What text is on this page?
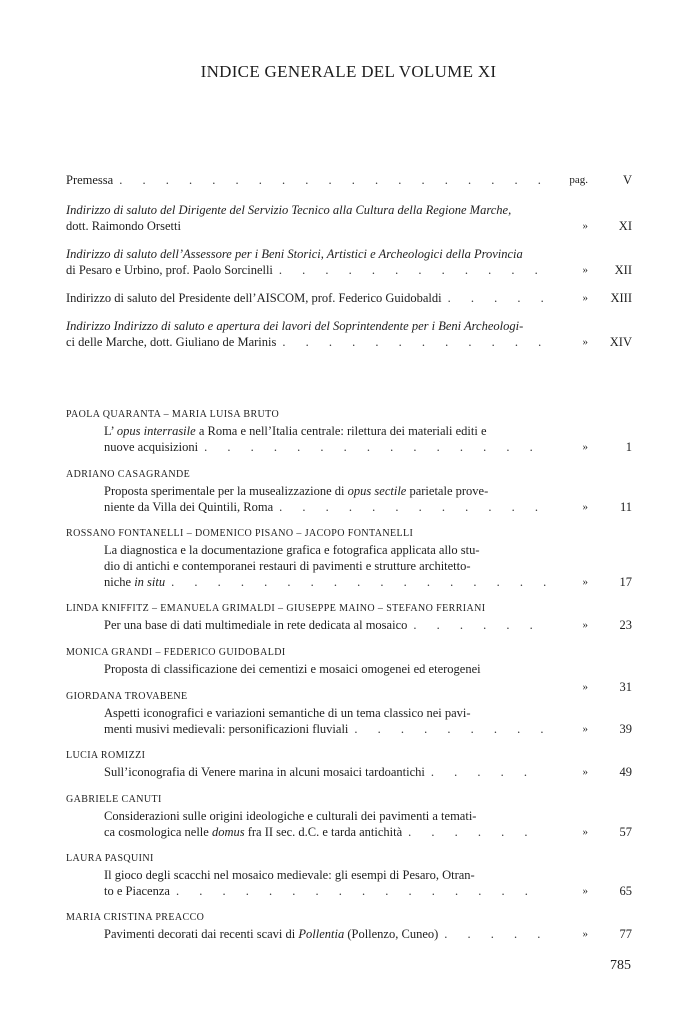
INDICE GENERALE DEL VOLUME XI
Premessa . . .	pag.	V
Indirizzo di saluto del Dirigente del Servizio Tecnico alla Cultura della Regione Marche,
dott. Raimondo Orsetti	» XI
Indirizzo di saluto dell’Assessore per i Beni Storici, Artistici e Archeologici della Provincia
di Pesaro e Urbino, prof. Paolo Sorcinelli . . .	» XII
Indirizzo di saluto del Presidente dell’AISCOM, prof. Federico Guidobaldi . . .	» XIII
Indirizzo Indirizzo di saluto e apertura dei lavori del Soprintendente per i Beni Archeologi-
ci delle Marche, dott. Giuliano de Marinis . . .	» XIV
PAOLA QUARANTA – MARIA LUISA BRUTO
L’ opus interrasile a Roma e nell’Italia centrale: rilettura dei materiali editi e
nuove acquisizioni . . .	»	1
ADRIANO CASAGRANDE
Proposta sperimentale per la musealizzazione di opus sectile parietale prove-
niente da Villa dei Quintili, Roma . . .	»	11
ROSSANO FONTANELLI – DOMENICO PISANO – JACOPO FONTANELLI
La diagnostica e la documentazione grafica e fotografica applicata allo stu-
dio di antichi e contemporanei restauri di pavimenti e strutture architetto-
niche in situ . . .	»	17
LINDA KNIFFITZ – EMANUELA GRIMALDI – GIUSEPPE MAINO – STEFANO FERRIANI
Per una base di dati multimediale in rete dedicata al mosaico . . .	»	23
MONICA GRANDI – FEDERICO GUIDOBALDI
Proposta di classificazione dei cementizi e mosaici omogenei ed eterogenei
»	31
GIORDANA TROVABENE
Aspetti iconografici e variazioni semantiche di un tema classico nei pavi-
menti musivi medievali: personificazioni fluviali . . .	»	39
LUCIA ROMIZZI
Sull’iconografia di Venere marina in alcuni mosaici tardoantichi . . .	»	49
GABRIELE CANUTI
Considerazioni sulle origini ideologiche e culturali dei pavimenti a temati-
ca cosmologica nelle domus fra II sec. d.C. e tarda antichità . . .	»	57
LAURA PASQUINI
Il gioco degli scacchi nel mosaico medievale: gli esempi di Pesaro, Otran-
to e Piacenza . . .	»	65
MARIA CRISTINA PREACCO
Pavimenti decorati dai recenti scavi di Pollentia (Pollenzo, Cuneo) . . .	»	77
785
